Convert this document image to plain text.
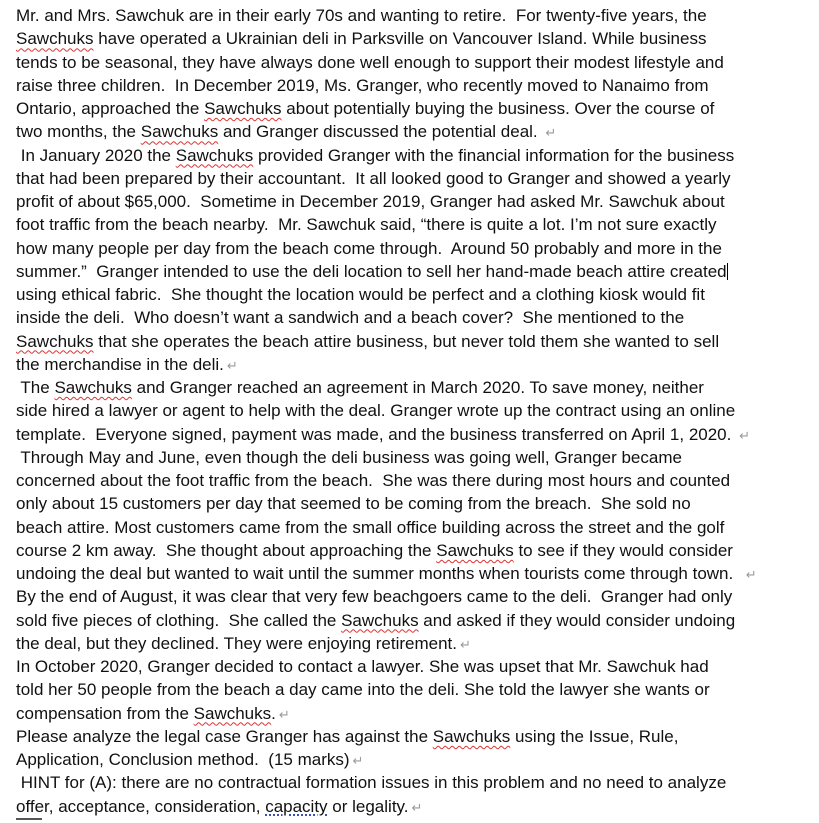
Mr. and Mrs. Sawchuk are in their early 70s and wanting to retire.  For twenty-five years, the
Sawchuks have operated a Ukrainian deli in Parksville on Vancouver Island. While business
tends to be seasonal, they have always done well enough to support their modest lifestyle and
raise three children.  In December 2019, Ms. Granger, who recently moved to Nanaimo from
Ontario, approached the Sawchuks about potentially buying the business. Over the course of
two months, the Sawchuks and Granger discussed the potential deal. ↵
In January 2020 the Sawchuks provided Granger with the financial information for the business
that had been prepared by their accountant.  It all looked good to Granger and showed a yearly
profit of about $65,000.  Sometime in December 2019, Granger had asked Mr. Sawchuk about
foot traffic from the beach nearby.  Mr. Sawchuk said, “there is quite a lot. I’m not sure exactly
how many people per day from the beach come through.  Around 50 probably and more in the
summer.”  Granger intended to use the deli location to sell her hand-made beach attire created
using ethical fabric.  She thought the location would be perfect and a clothing kiosk would fit
inside the deli.  Who doesn’t want a sandwich and a beach cover?  She mentioned to the
Sawchuks that she operates the beach attire business, but never told them she wanted to sell
the merchandise in the deli. ↵
The Sawchuks and Granger reached an agreement in March 2020. To save money, neither
side hired a lawyer or agent to help with the deal. Granger wrote up the contract using an online
template.  Everyone signed, payment was made, and the business transferred on April 1, 2020. ↵
Through May and June, even though the deli business was going well, Granger became
concerned about the foot traffic from the beach.  She was there during most hours and counted
only about 15 customers per day that seemed to be coming from the breach.  She sold no
beach attire. Most customers came from the small office building across the street and the golf
course 2 km away.  She thought about approaching the Sawchuks to see if they would consider
undoing the deal but wanted to wait until the summer months when tourists come through town.  ↵
By the end of August, it was clear that very few beachgoers came to the deli.  Granger had only
sold five pieces of clothing.  She called the Sawchuks and asked if they would consider undoing
the deal, but they declined. They were enjoying retirement. ↵
In October 2020, Granger decided to contact a lawyer. She was upset that Mr. Sawchuk had
told her 50 people from the beach a day came into the deli. She told the lawyer she wants or
compensation from the Sawchuks. ↵
Please analyze the legal case Granger has against the Sawchuks using the Issue, Rule,
Application, Conclusion method.  (15 marks) ↵
HINT for (A): there are no contractual formation issues in this problem and no need to analyze
offer, acceptance, consideration, capacity or legality. ↵
